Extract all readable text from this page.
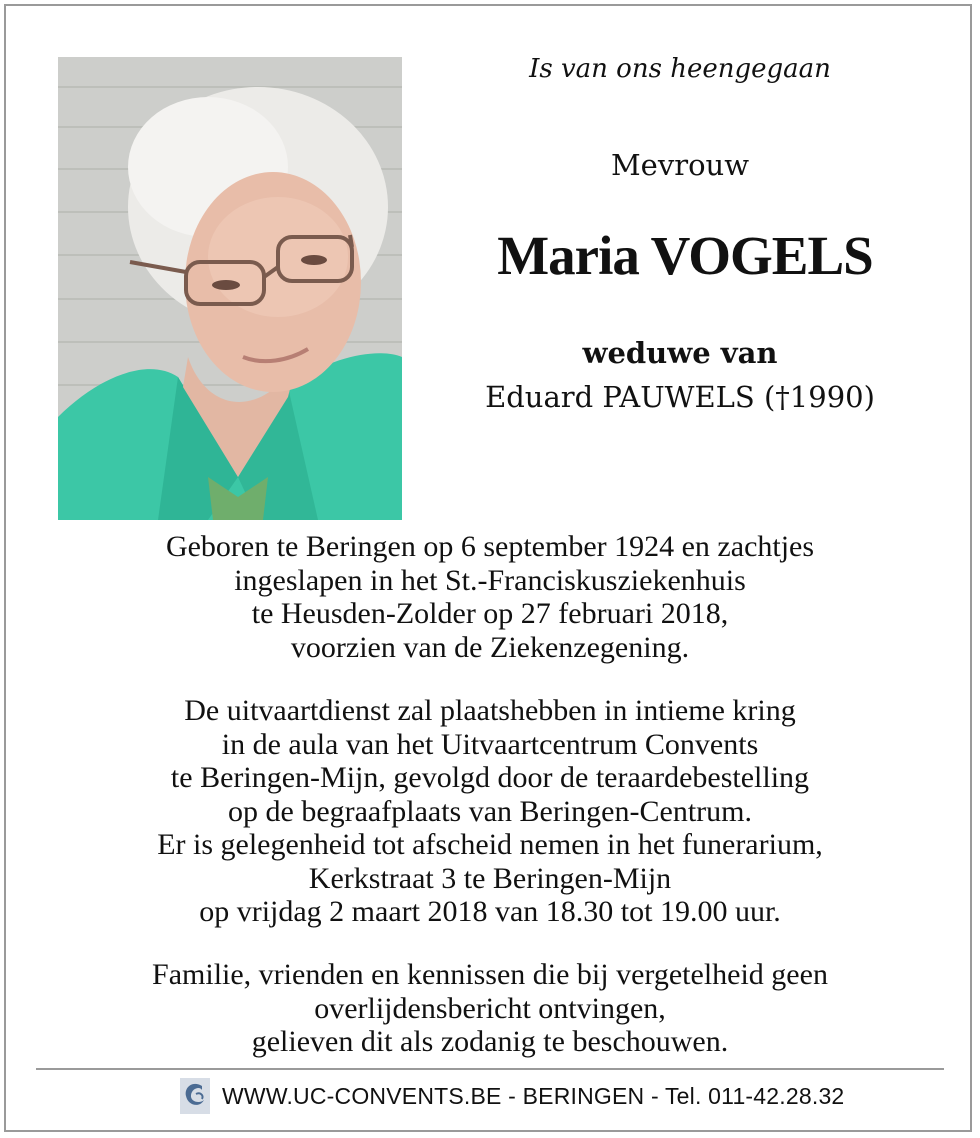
Is van ons heengegaan
Mevrouw
Maria VOGELS
weduwe van
Eduard PAUWELS (†1990)
Geboren te Beringen op 6 september 1924 en zachtjes
ingeslapen in het St.-Franciskusziekenhuis
te Heusden-Zolder op 27 februari 2018,
voorzien van de Ziekenzegening.
De uitvaartdienst zal plaatshebben in intieme kring
in de aula van het Uitvaartcentrum Convents
te Beringen-Mijn, gevolgd door de teraardebestelling
op de begraafplaats van Beringen-Centrum.
Er is gelegenheid tot afscheid nemen in het funerarium,
Kerkstraat 3 te Beringen-Mijn
op vrijdag 2 maart 2018 van 18.30 tot 19.00 uur.
Familie, vrienden en kennissen die bij vergetelheid geen
overlijdensbericht ontvingen,
gelieven dit als zodanig te beschouwen.
WWW.UC-CONVENTS.BE - BERINGEN - Tel. 011-42.28.32
